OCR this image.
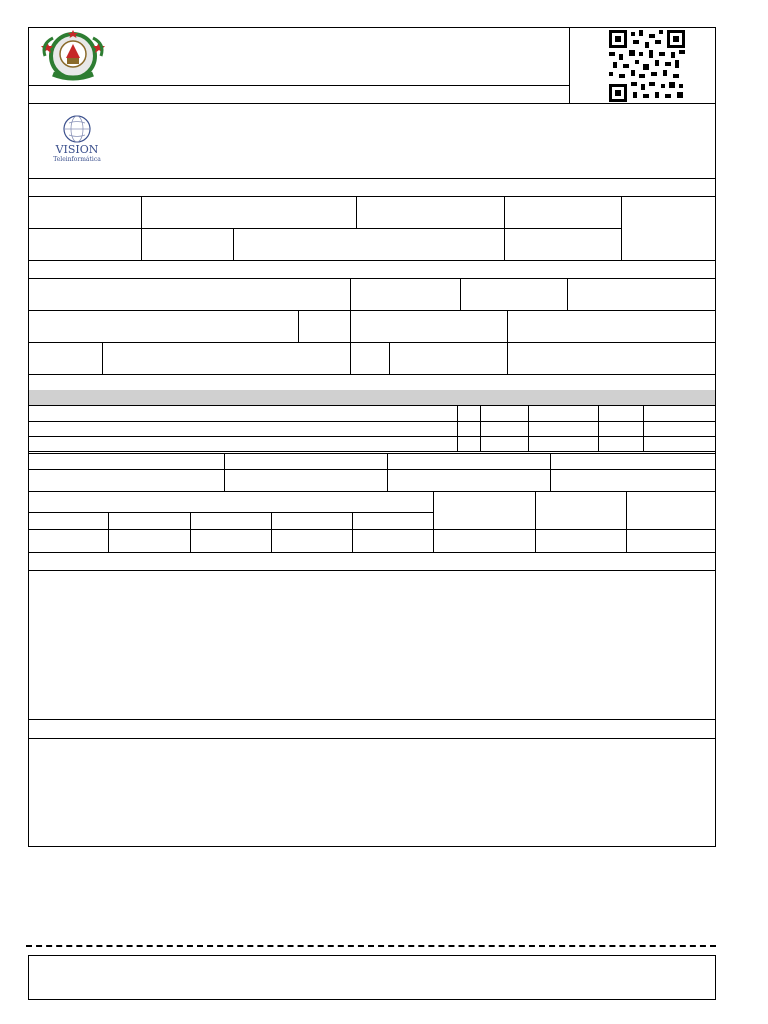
VISION
Teleinformática
